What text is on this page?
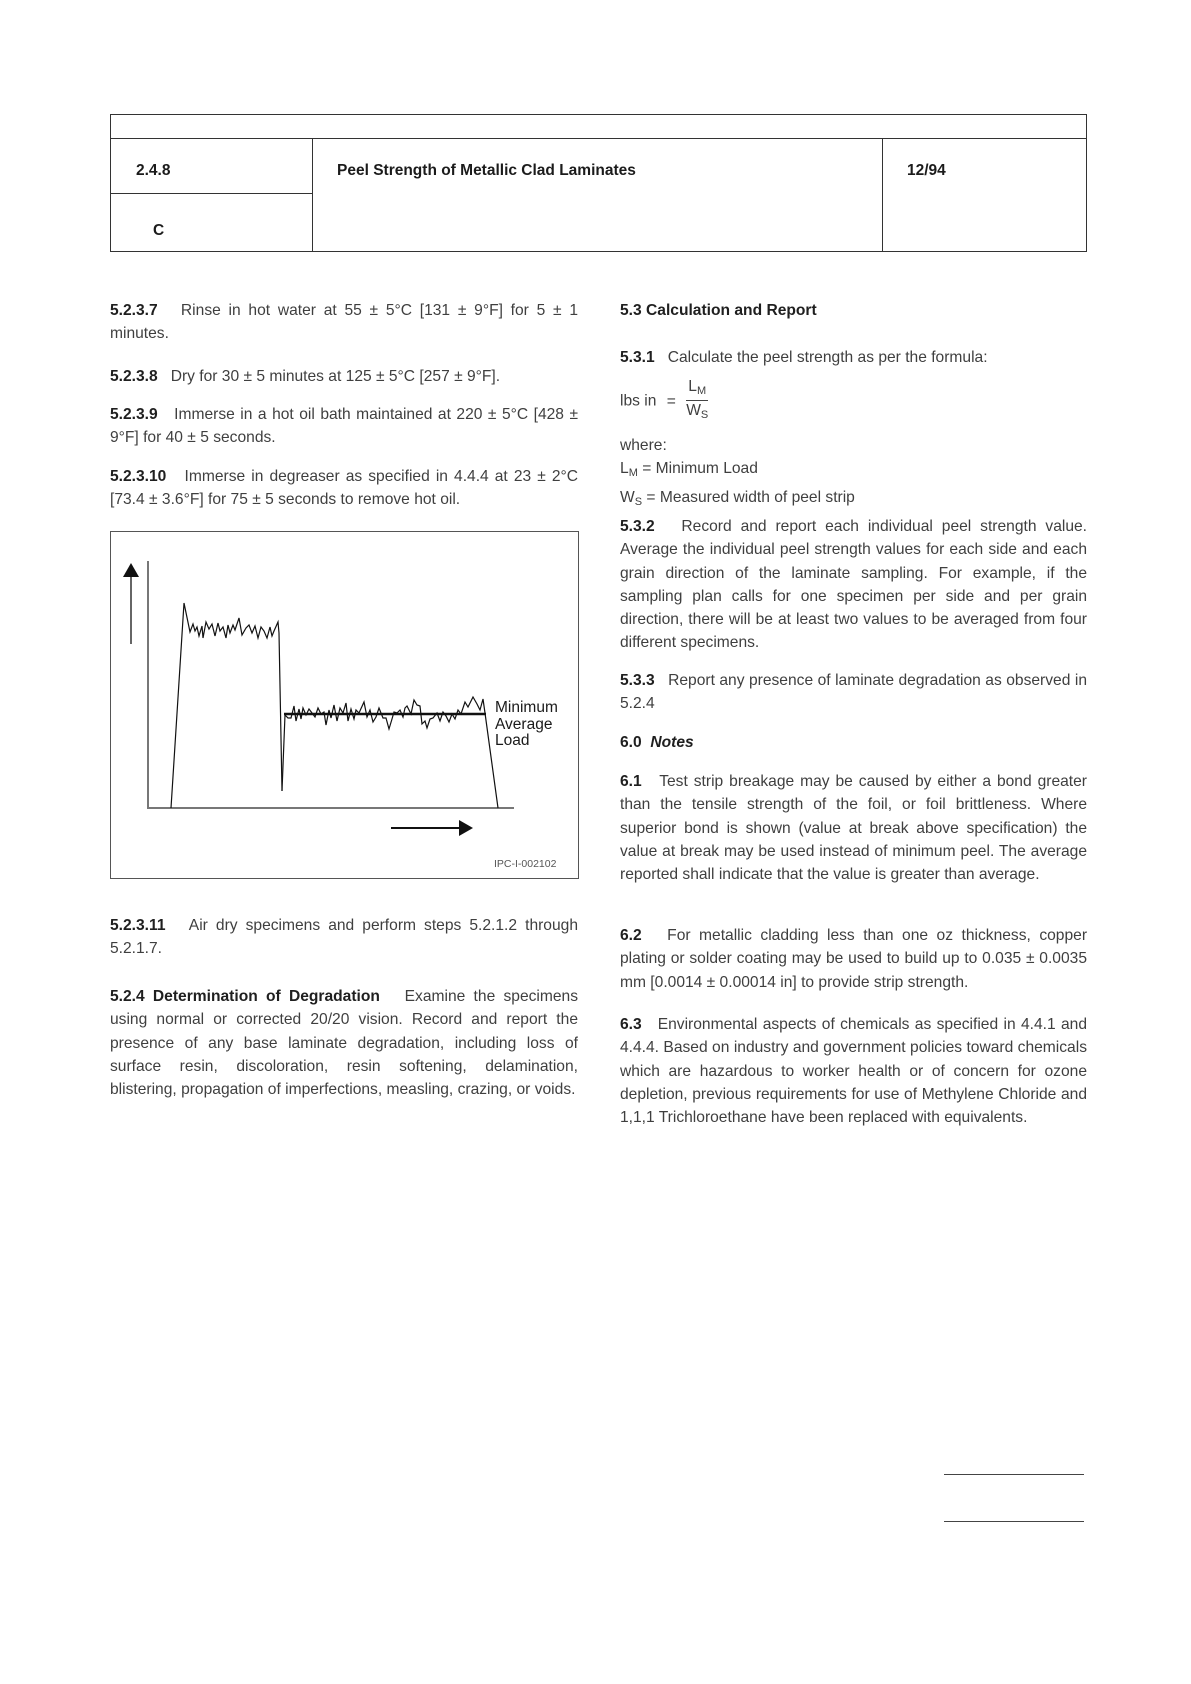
2.4.8	Peel Strength of Metallic Clad Laminates	12/94
C

5.2.3.7 Rinse in hot water at 55 ± 5°C [131 ± 9°F] for 5 ± 1 minutes.

5.2.3.8 Dry for 30 ± 5 minutes at 125 ± 5°C [257 ± 9°F].

5.2.3.9 Immerse in a hot oil bath maintained at 220 ± 5°C [428 ± 9°F] for 40 ± 5 seconds.

5.2.3.10 Immerse in degreaser as specified in 4.4.4 at 23 ± 2°C [73.4 ± 3.6°F] for 75 ± 5 seconds to remove hot oil.

Minimum
Average
Load
IPC-I-002102

5.2.3.11 Air dry specimens and perform steps 5.2.1.2 through 5.2.1.7.

5.2.4 Determination of Degradation Examine the specimens using normal or corrected 20/20 vision. Record and report the presence of any base laminate degradation, including loss of surface resin, discoloration, resin softening, delamination, blistering, propagation of imperfections, measling, crazing, or voids.

5.3 Calculation and Report

5.3.1 Calculate the peel strength as per the formula:

lbs in = $\frac{L_M}{W_S}$

where:

$L_M$ = Minimum Load

$W_S$ = Measured width of peel strip

5.3.2 Record and report each individual peel strength value. Average the individual peel strength values for each side and each grain direction of the laminate sampling. For example, if the sampling plan calls for one specimen per side and per grain direction, there will be at least two values to be averaged from four different specimens.

5.3.3 Report any presence of laminate degradation as observed in 5.2.4

6.0 Notes

6.1 Test strip breakage may be caused by either a bond greater than the tensile strength of the foil, or foil brittleness. Where superior bond is shown (value at break above specification) the value at break may be used instead of minimum peel. The average reported shall indicate that the value is greater than average.

6.2 For metallic cladding less than one oz thickness, copper plating or solder coating may be used to build up to 0.035 ± 0.0035 mm [0.0014 ± 0.00014 in] to provide strip strength.

6.3 Environmental aspects of chemicals as specified in 4.4.1 and 4.4.4. Based on industry and government policies toward chemicals which are hazardous to worker health or of concern for ozone depletion, previous requirements for use of Methylene Chloride and 1,1,1 Trichloroethane have been replaced with equivalents.
